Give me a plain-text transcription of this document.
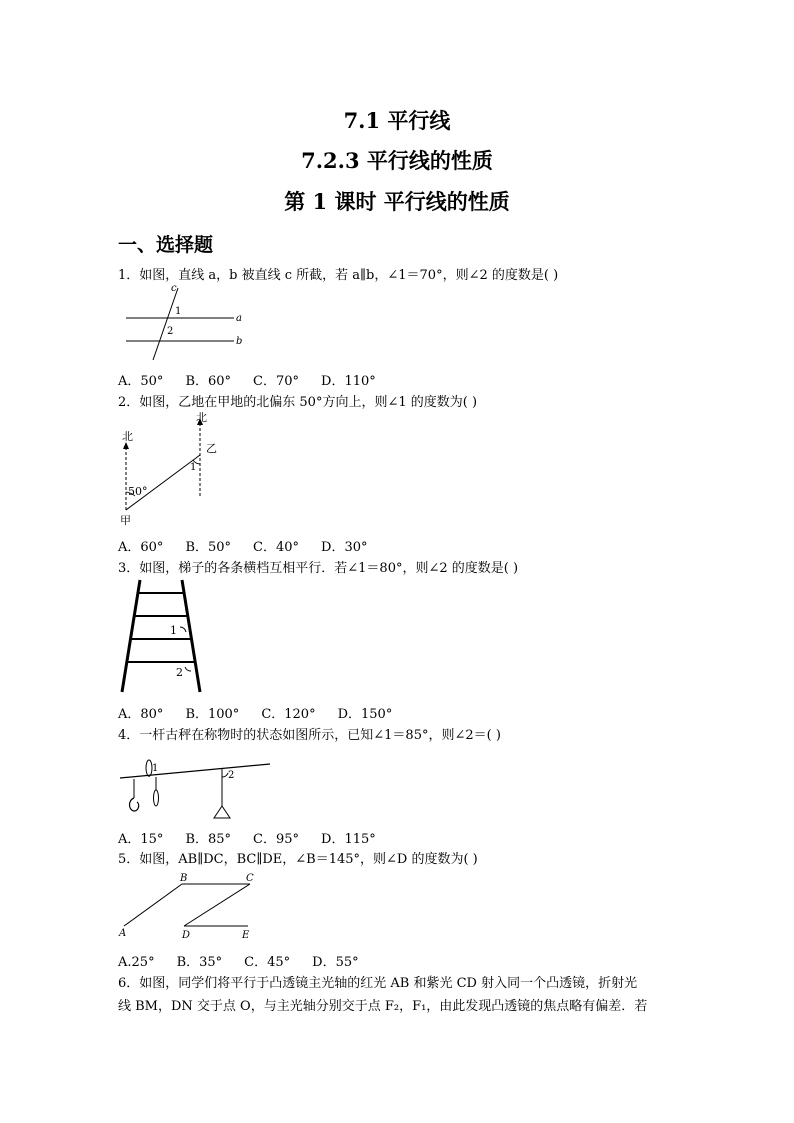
7.1 平行线
7.2.3 平行线的性质
第 1 课时 平行线的性质
一、选择题
1．如图，直线 a，b 被直线 c 所截，若 a∥b，∠1＝70°，则∠2 的度数是( )
c
a
b
1
2
A．50° B．60° C．70° D．110°
2．如图，乙地在甲地的北偏东 50°方向上，则∠1 的度数为( )
北
北
乙
甲
50°
1
A．60° B．50° C．40° D．30°
3．如图，梯子的各条横档互相平行．若∠1＝80°，则∠2 的度数是( )
1
2
A．80° B．100° C．120° D．150°
4．一杆古秤在称物时的状态如图所示，已知∠1＝85°，则∠2＝( )
1
2
A．15° B．85° C．95° D．115°
5．如图，AB∥DC，BC∥DE，∠B＝145°，则∠D 的度数为( )
A
B	C
D	E
A.25° B．35° C．45° D．55°
6．如图，同学们将平行于凸透镜主光轴的红光 AB 和紫光 CD 射入同一个凸透镜，折射光
线 BM，DN 交于点 O，与主光轴分别交于点 F₂，F₁，由此发现凸透镜的焦点略有偏差．若
